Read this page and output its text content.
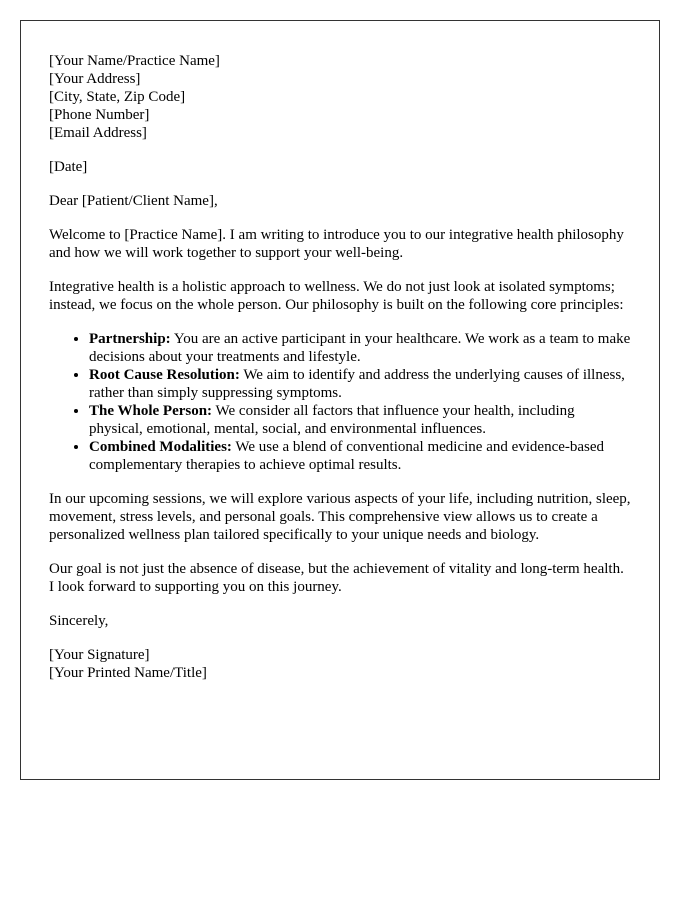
[Your Name/Practice Name]
[Your Address]
[City, State, Zip Code]
[Phone Number]
[Email Address]

[Date]

Dear [Patient/Client Name],

Welcome to [Practice Name]. I am writing to introduce you to our integrative health philosophy and how we will work together to support your well-being.

Integrative health is a holistic approach to wellness. We do not just look at isolated symptoms; instead, we focus on the whole person. Our philosophy is built on the following core principles:

• Partnership: You are an active participant in your healthcare. We work as a team to make decisions about your treatments and lifestyle.
• Root Cause Resolution: We aim to identify and address the underlying causes of illness, rather than simply suppressing symptoms.
• The Whole Person: We consider all factors that influence your health, including physical, emotional, mental, social, and environmental influences.
• Combined Modalities: We use a blend of conventional medicine and evidence-based complementary therapies to achieve optimal results.

In our upcoming sessions, we will explore various aspects of your life, including nutrition, sleep, movement, stress levels, and personal goals. This comprehensive view allows us to create a personalized wellness plan tailored specifically to your unique needs and biology.

Our goal is not just the absence of disease, but the achievement of vitality and long-term health. I look forward to supporting you on this journey.

Sincerely,

[Your Signature]
[Your Printed Name/Title]
